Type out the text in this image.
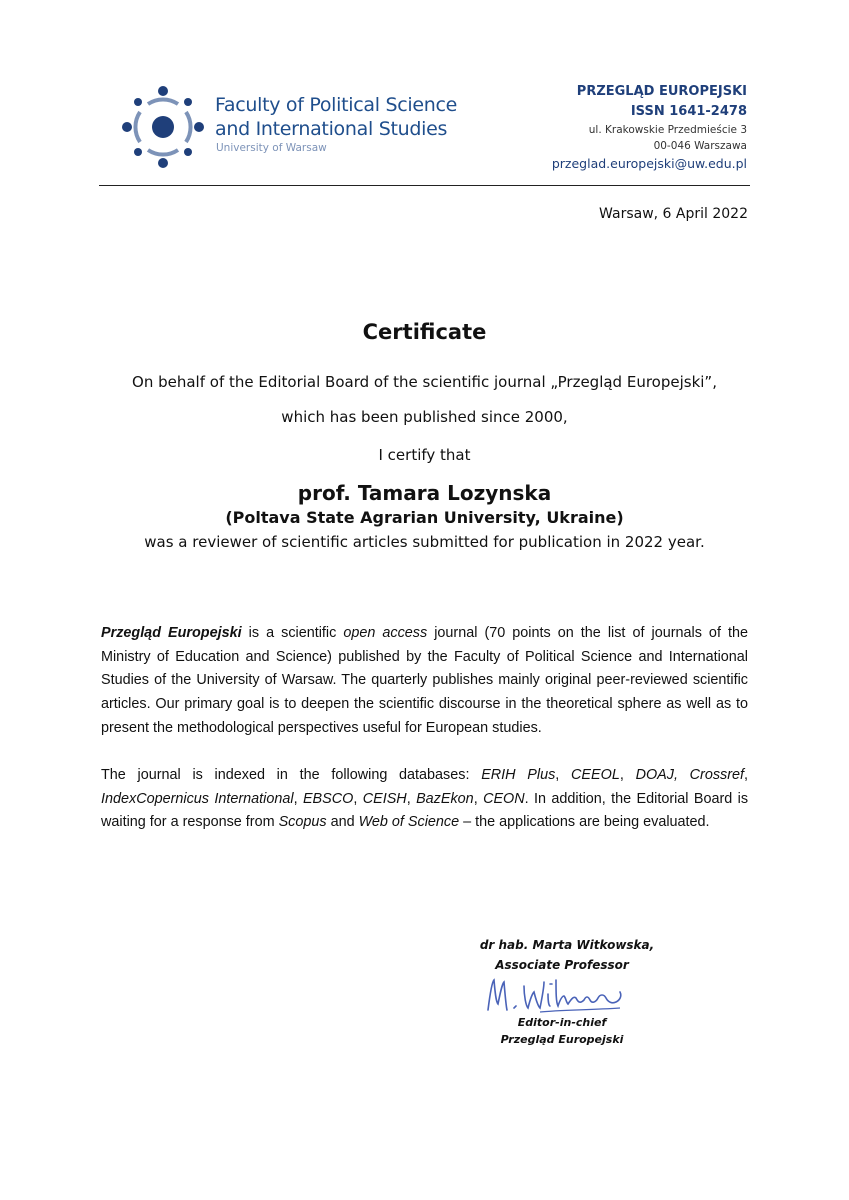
Faculty of Political Science
and International Studies
University of Warsaw
PRZEGLĄD EUROPEJSKI
ISSN 1641-2478
ul. Krakowskie Przedmieście 3
00-046 Warszawa
przeglad.europejski@uw.edu.pl
Warsaw, 6 April 2022
Certificate
On behalf of the Editorial Board of the scientific journal „Przegląd Europejski”,
which has been published since 2000,
I certify that
prof. Tamara Lozynska
(Poltava State Agrarian University, Ukraine)
was a reviewer of scientific articles submitted for publication in 2022 year.
Przegląd Europejski is a scientific open access journal (70 points on the list of journals of the Ministry of Education and Science) published by the Faculty of Political Science and International Studies of the University of Warsaw. The quarterly publishes mainly original peer-reviewed scientific articles. Our primary goal is to deepen the scientific discourse in the theoretical sphere as well as to present the methodological perspectives useful for European studies.
The journal is indexed in the following databases: ERIH Plus, CEEOL, DOAJ, Crossref, IndexCopernicus International, EBSCO, CEISH, BazEkon, CEON. In addition, the Editorial Board is waiting for a response from Scopus and Web of Science – the applications are being evaluated.
dr hab. Marta Witkowska,
Associate Professor
Editor-in-chief
Przegląd Europejski
